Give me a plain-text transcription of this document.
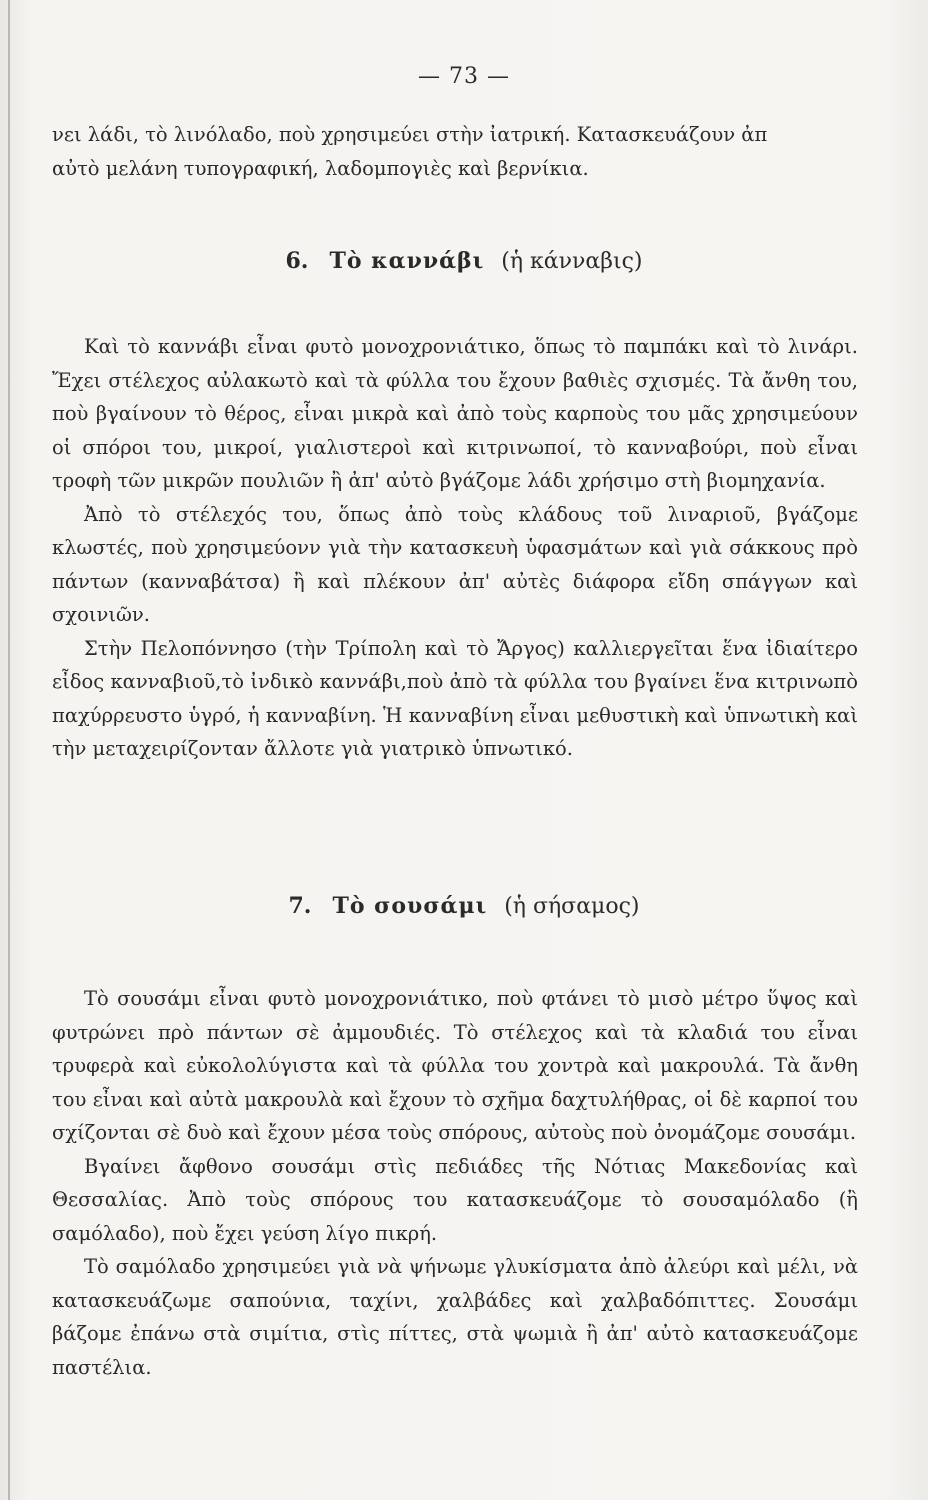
— 73 —

νει λάδι, τὸ λινόλαδο, ποὺ χρησιμεύει στὴν ἰατρική. Κατασκευάζουν ἀπ

αὐτὸ μελάνη τυπογραφική, λαδομπογιὲς καὶ βερνίκια.

6. Τὸ καννάβι (ἡ κάνναβις)

Καὶ τὸ καννάβι εἶναι φυτὸ μονοχρονιάτικο, ὅπως τὸ παμπάκι καὶ τὸ λινάρι. Ἔχει στέλεχος αὐλακωτὸ καὶ τὰ φύλλα του ἔχουν βαθιὲς σχισμές. Τὰ ἄνθη του, ποὺ βγαίνουν τὸ θέρος, εἶναι μικρὰ καὶ ἀπὸ τοὺς καρποὺς του μᾶς χρησιμεύουν οἱ σπόροι του, μικροί, γιαλιστεροὶ καὶ κιτρινωποί, τὸ κανναβούρι, ποὺ εἶναι τροφὴ τῶν μικρῶν πουλιῶν ἢ ἀπ' αὐτὸ βγάζομε λάδι χρήσιμο στὴ βιομηχανία.

Ἀπὸ τὸ στέλεχός του, ὅπως ἀπὸ τοὺς κλάδους τοῦ λιναριοῦ, βγάζομε κλωστές, ποὺ χρησιμεύονν γιὰ τὴν κατασκευὴ ὑφασμάτων καὶ γιὰ σάκκους πρὸ πάντων (κανναβάτσα) ἢ καὶ πλέκουν ἀπ' αὐτὲς διάφορα εἴδη σπάγγων καὶ σχοινιῶν.

Στὴν Πελοπόννησο (τὴν Τρίπολη καὶ τὸ Ἄργος) καλλιεργεῖται ἕνα ἰδιαίτερο εἶδος κανναβιοῦ,τὸ ἰνδικὸ καννάβι,ποὺ ἀπὸ τὰ φύλλα του βγαίνει ἕνα κιτρινωπὸ παχύρρευστο ὑγρό, ἡ κανναβίνη. Ἡ κανναβίνη εἶναι μεθυστικὴ καὶ ὑπνωτικὴ καὶ τὴν μεταχειρίζονταν ἄλλοτε γιὰ γιατρικὸ ὑπνωτικό.

7. Τὸ σουσάμι (ἡ σήσαμος)

Τὸ σουσάμι εἶναι φυτὸ μονοχρονιάτικο, ποὺ φτάνει τὸ μισὸ μέτρο ὕψος καὶ φυτρώνει πρὸ πάντων σὲ ἀμμουδιές. Τὸ στέλεχος καὶ τὰ κλαδιά του εἶναι τρυφερὰ καὶ εὐκολολύγιστα καὶ τὰ φύλλα του χοντρὰ καὶ μακρουλά. Τὰ ἄνθη του εἶναι καὶ αὐτὰ μακρουλὰ καὶ ἔχουν τὸ σχῆμα δαχτυλήθρας, οἱ δὲ καρποί του σχίζονται σὲ δυὸ καὶ ἔχουν μέσα τοὺς σπόρους, αὐτοὺς ποὺ ὀνομάζομε σουσάμι.

Βγαίνει ἄφθονο σουσάμι στὶς πεδιάδες τῆς Νότιας Μακεδονίας καὶ Θεσσαλίας. Ἀπὸ τοὺς σπόρους του κατασκευάζομε τὸ σουσαμόλαδο (ἢ σαμόλαδο), ποὺ ἔχει γεύση λίγο πικρή.

Τὸ σαμόλαδο χρησιμεύει γιὰ νὰ ψήνωμε γλυκίσματα ἀπὸ ἀλεύρι καὶ μέλι, νὰ κατασκευάζωμε σαπούνια, ταχίνι, χαλβάδες καὶ χαλβαδόπιττες. Σουσάμι βάζομε ἐπάνω στὰ σιμίτια, στὶς πίττες, στὰ ψωμιὰ ἢ ἀπ' αὐτὸ κατασκευάζομε παστέλια.
